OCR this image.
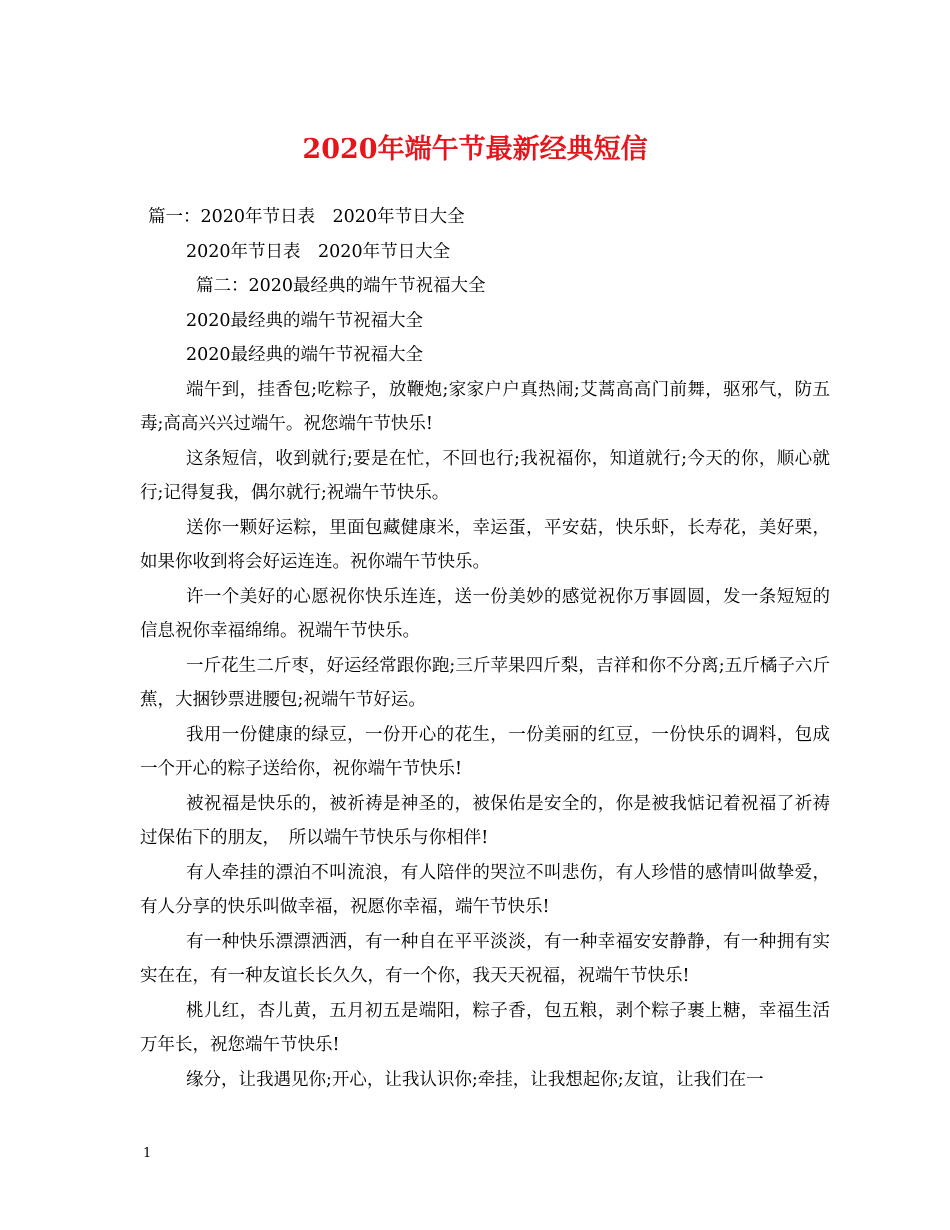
2020年端午节最新经典短信

篇一：2020年节日表　2020年节日大全

2020年节日表　2020年节日大全

篇二：2020最经典的端午节祝福大全

2020最经典的端午节祝福大全

2020最经典的端午节祝福大全

端午到，挂香包;吃粽子，放鞭炮;家家户户真热闹;艾蒿高高门前舞，驱邪气，防五毒;高高兴兴过端午。祝您端午节快乐!

这条短信，收到就行;要是在忙，不回也行;我祝福你，知道就行;今天的你，顺心就行;记得复我，偶尔就行;祝端午节快乐。

送你一颗好运粽，里面包藏健康米，幸运蛋，平安菇，快乐虾，长寿花，美好栗，如果你收到将会好运连连。祝你端午节快乐。

许一个美好的心愿祝你快乐连连，送一份美妙的感觉祝你万事圆圆，发一条短短的信息祝你幸福绵绵。祝端午节快乐。

一斤花生二斤枣，好运经常跟你跑;三斤苹果四斤梨，吉祥和你不分离;五斤橘子六斤蕉，大捆钞票进腰包;祝端午节好运。

我用一份健康的绿豆，一份开心的花生，一份美丽的红豆，一份快乐的调料，包成一个开心的粽子送给你，祝你端午节快乐!

被祝福是快乐的，被祈祷是神圣的，被保佑是安全的，你是被我惦记着祝福了祈祷过保佑下的朋友，　所以端午节快乐与你相伴!

有人牵挂的漂泊不叫流浪，有人陪伴的哭泣不叫悲伤，有人珍惜的感情叫做挚爱，有人分享的快乐叫做幸福，祝愿你幸福，端午节快乐!

有一种快乐漂漂洒洒，有一种自在平平淡淡，有一种幸福安安静静，有一种拥有实实在在，有一种友谊长长久久，有一个你，我天天祝福，祝端午节快乐!

桃儿红，杏儿黄，五月初五是端阳，粽子香，包五粮，剥个粽子裹上糖，幸福生活万年长，祝您端午节快乐!

缘分，让我遇见你;开心，让我认识你;牵挂，让我想起你;友谊，让我们在一

1
